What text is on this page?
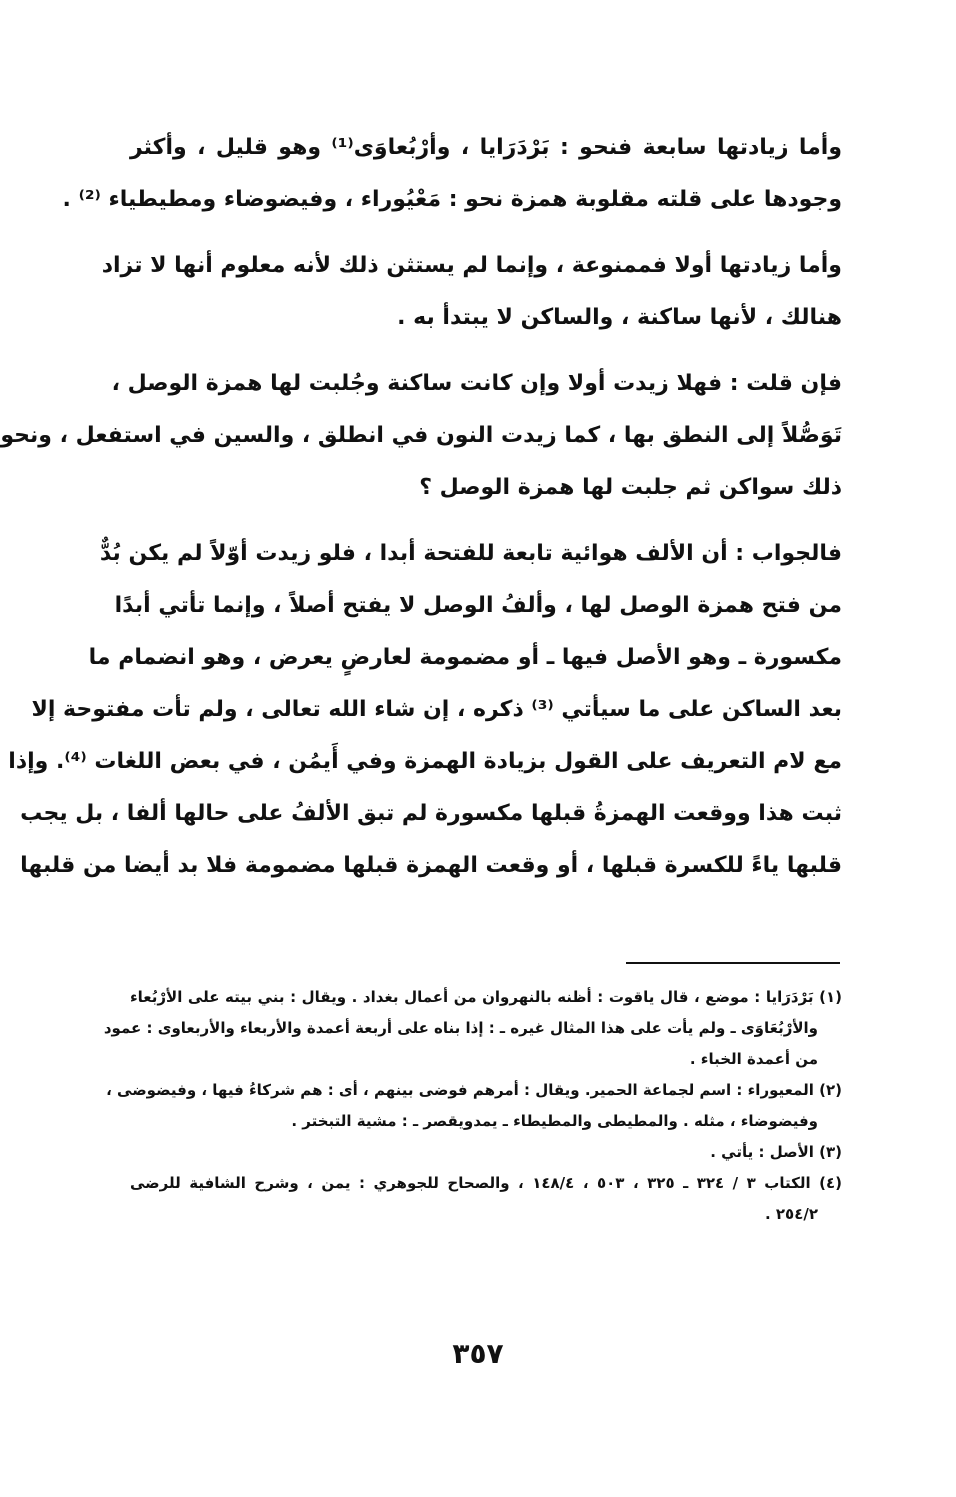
وأما زيادتها سابعة فنحو : بَرْدَرَايا ، وأرْبُعاوَى⁽¹⁾ وهو قليل ، وأكثر
وجودها على قلته مقلوبة همزة نحو : مَعْيُوراء ، وفيضوضاء ومطيطياء ⁽²⁾ .
وأما زيادتها أولا فممنوعة ، وإنما لم يستثن ذلك لأنه معلوم أنها لا تزاد
هنالك ، لأنها ساكنة ، والساكن لا يبتدأ به .
فإن قلت : فهلا زيدت أولا وإن كانت ساكنة وجُلبت لها همزة الوصل ،
تَوَصُّلاً إلى النطق بها ، كما زيدت النون في انطلق ، والسين في استفعل ، ونحو
ذلك سواكن ثم جلبت لها همزة الوصل ؟
فالجواب : أن الألف هوائية تابعة للفتحة أبدا ، فلو زيدت أوّلاً لم يكن بُدٌّ
من فتح همزة الوصل لها ، وألفُ الوصل لا يفتح أصلاً ، وإنما تأتي أبدًا
مكسورة ـ وهو الأصل فيها ـ أو مضمومة لعارضٍ يعرض ، وهو انضمام ما
بعد الساكن على ما سيأتي ⁽³⁾ ذكره ، إن شاء الله تعالى ، ولم تأت مفتوحة إلا
مع لام التعريف على القول بزيادة الهمزة وفي أَيمُن ، في بعض اللغات ⁽⁴⁾. وإذا
ثبت هذا ووقعت الهمزةُ قبلها مكسورة لم تبق الألفُ على حالها ألفا ، بل يجب
قلبها ياءً للكسرة قبلها ، أو وقعت الهمزة قبلها مضمومة فلا بد أيضا من قلبها
(١) بَرْدَرَايا : موضع ، قال ياقوت : أظنه بالنهروان من أعمال بغداد . ويقال : بني بيته على الأرْبُعاء
والأرْبُعَاوَى ـ ولم يأت على هذا المثال غيره ـ : إذا بناه على أربعة أعمدة والأربعاء والأربعاوى : عمود
من أعمدة الخباء .
(٢) المعيوراء : اسم لجماعة الحمير. ويقال : أمرهم فوضى بينهم ، أى : هم شركاءُ فيها ، وفيضوضى ،
وفيضوضاء ، مثله . والمطيطى والمطيطاء ـ يمدويقصر ـ : مشية التبختر .
(٣) الأصل : يأتي .
(٤) الكتاب ٣ / ٣٢٤ ـ ٣٢٥ ، ٥٠٣ ، ١٤٨/٤ ، والصحاح للجوهري : يمن ، وشرح الشافية للرضى
٢٥٤/٢ .
٣٥٧
